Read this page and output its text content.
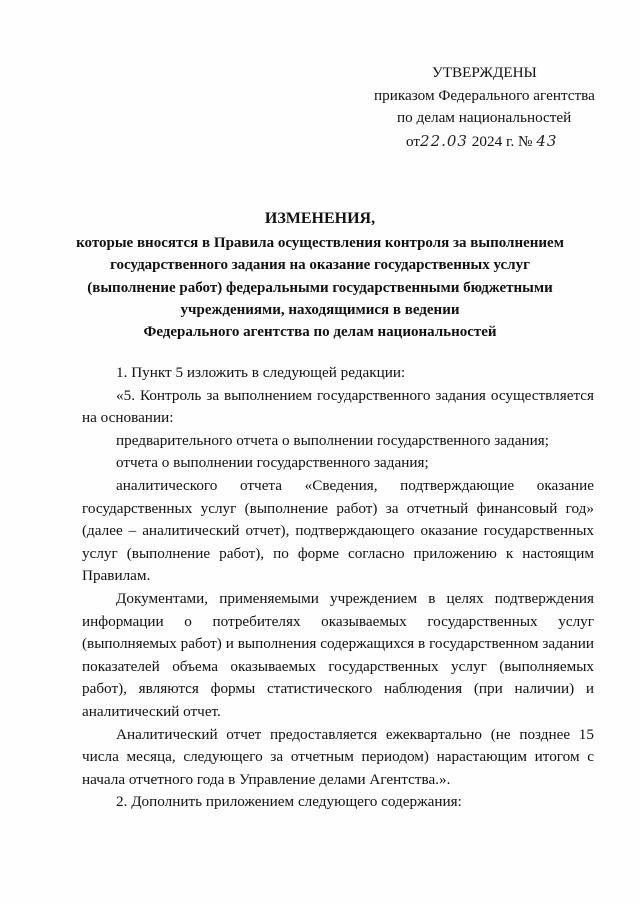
УТВЕРЖДЕНЫ
приказом Федерального агентства
по делам национальностей
от22.03 2024 г. № 43
ИЗМЕНЕНИЯ,
которые вносятся в Правила осуществления контроля за выполнением
государственного задания на оказание государственных услуг
(выполнение работ) федеральными государственными бюджетными
учреждениями, находящимися в ведении
Федерального агентства по делам национальностей

1. Пункт 5 изложить в следующей редакции:

«5. Контроль за выполнением государственного задания осуществляется на основании:

предварительного отчета о выполнении государственного задания;

отчета о выполнении государственного задания;

аналитического отчета «Сведения, подтверждающие оказание государственных услуг (выполнение работ) за отчетный финансовый год» (далее – аналитический отчет), подтверждающего оказание государственных услуг (выполнение работ), по форме согласно приложению к настоящим Правилам.

Документами, применяемыми учреждением в целях подтверждения информации о потребителях оказываемых государственных услуг (выполняемых работ) и выполнения содержащихся в государственном задании показателей объема оказываемых государственных услуг (выполняемых работ), являются формы статистического наблюдения (при наличии) и аналитический отчет.

Аналитический отчет предоставляется ежеквартально (не позднее 15 числа месяца, следующего за отчетным периодом) нарастающим итогом с начала отчетного года в Управление делами Агентства.».

2. Дополнить приложением следующего содержания:
